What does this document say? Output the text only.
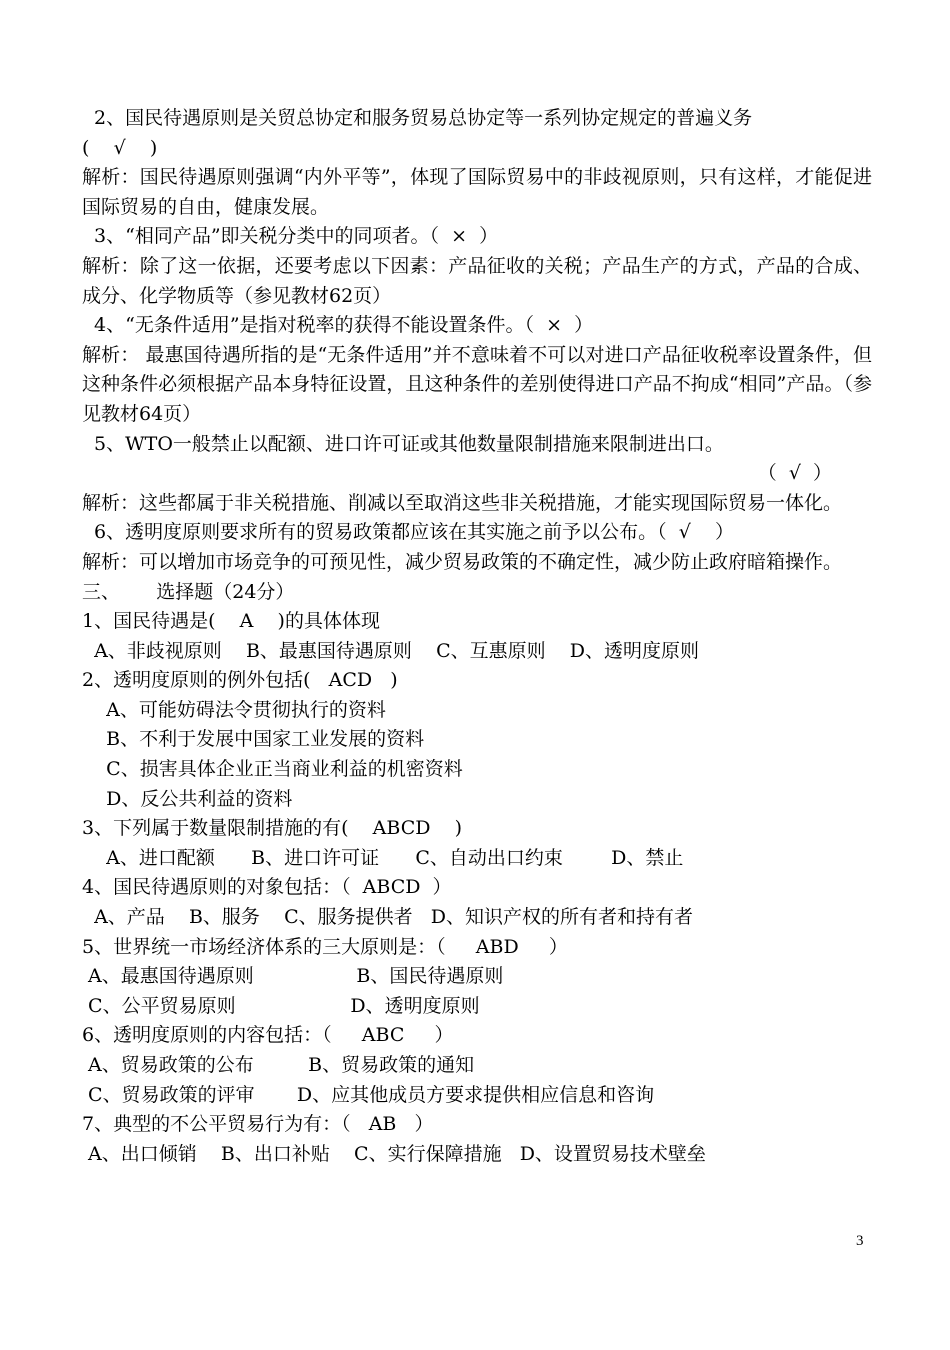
2、国民待遇原则是关贸总协定和服务贸易总协定等一系列协定规定的普遍义务
(    √    )
解析：国民待遇原则强调“内外平等”，体现了国际贸易中的非歧视原则，只有这样，才能促进国际贸易的自由，健康发展。
3、“相同产品”即关税分类中的同项者。（  ×  ）
解析：除了这一依据，还要考虑以下因素：产品征收的关税；产品生产的方式，产品的合成、成分、化学物质等（参见教材62页）
4、“无条件适用”是指对税率的获得不能设置条件。（  ×  ）
解析： 最惠国待遇所指的是“无条件适用”并不意味着不可以对进口产品征收税率设置条件，但这种条件必须根据产品本身特征设置，且这种条件的差别使得进口产品不拘成“相同”产品。（参见教材64页）
5、WTO一般禁止以配额、进口许可证或其他数量限制措施来限制进出口。
（  √  ）
解析：这些都属于非关税措施、削减以至取消这些非关税措施，才能实现国际贸易一体化。
6、透明度原则要求所有的贸易政策都应该在其实施之前予以公布。（  √    ）
解析：可以增加市场竞争的可预见性，减少贸易政策的不确定性，减少防止政府暗箱操作。
三、      选择题（24分）
1、国民待遇是(    A    )的具体体现
A、非歧视原则    B、最惠国待遇原则    C、互惠原则    D、透明度原则
2、透明度原则的例外包括(   ACD   )
A、可能妨碍法令贯彻执行的资料
B、不利于发展中国家工业发展的资料
C、损害具体企业正当商业利益的机密资料
D、反公共利益的资料
3、下列属于数量限制措施的有(    ABCD    )
A、进口配额      B、进口许可证      C、自动出口约束        D、禁止
4、国民待遇原则的对象包括：（  ABCD  ）
A、产品    B、服务    C、服务提供者   D、知识产权的所有者和持有者
5、世界统一市场经济体系的三大原则是：（     ABD     ）
A、最惠国待遇原则                 B、国民待遇原则
C、公平贸易原则                   D、透明度原则
6、透明度原则的内容包括：（     ABC     ）
A、贸易政策的公布         B、贸易政策的通知
C、贸易政策的评审       D、应其他成员方要求提供相应信息和咨询
7、典型的不公平贸易行为有：（   AB   ）
A、出口倾销    B、出口补贴    C、实行保障措施   D、设置贸易技术壁垒
3
